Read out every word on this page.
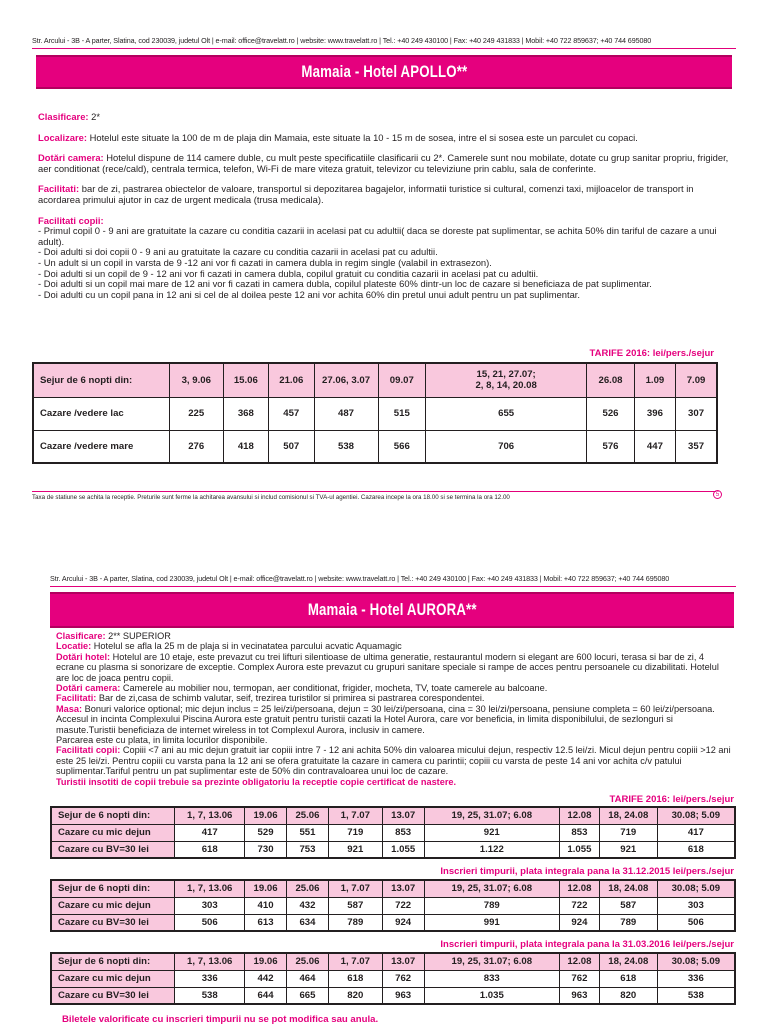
Str. Arcului - 3B - A parter, Slatina, cod 230039, judetul Olt | e-mail: office@travelatt.ro | website: www.travelatt.ro | Tel.: +40 249 430100 | Fax: +40 249 431833 | Mobil: +40 722 859637; +40 744 695080
Mamaia - Hotel APOLLO**

Clasificare: 2*

Localizare: Hotelul este situate la 100 de m de plaja din Mamaia, este situate la 10 - 15 m de sosea, intre el si sosea este un parculet cu copaci.

Dotări camera: Hotelul dispune de 114 camere duble, cu mult peste specificatiile clasificarii cu 2*. Camerele sunt nou mobilate, dotate cu grup sanitar propriu, frigider, aer conditionat (rece/cald), centrala termica, telefon, Wi-Fi de mare viteza gratuit, televizor cu televiziune prin cablu, sala de conferinte.

Facilitati: bar de zi, pastrarea obiectelor de valoare, transportul si depozitarea bagajelor, informatii turistice si cultural, comenzi taxi, mijloacelor de transport in acordarea primului ajutor in caz de urgent medicala (trusa medicala).

Facilitati copii:

- Primul copil 0 - 9 ani are gratuitate la cazare cu conditia cazarii in acelasi pat cu adultii( daca se doreste pat suplimentar, se achita 50% din tariful de cazare a unui adult).

- Doi adulti si doi copii 0 - 9 ani au gratuitate la cazare cu conditia cazarii in acelasi pat cu adultii.

- Un adult si un copil in varsta de 9 -12 ani vor fi cazati in camera dubla in regim single (valabil in extrasezon).

- Doi adulti si un copil de 9 - 12 ani vor fi cazati in camera dubla, copilul gratuit cu conditia cazarii in acelasi pat cu adultii.

- Doi adulti si un copil mai mare de 12 ani vor fi cazati in camera dubla, copilul plateste 60% dintr-un loc de cazare si beneficiaza de pat suplimentar.

- Doi adulti cu un copil pana in 12 ani si cel de al doilea peste 12 ani vor achita 60% din pretul unui adult pentru un pat suplimentar.

TARIFE 2016: lei/pers./sejur
Sejur de 6 nopti din:	3, 9.06	15.06	21.06	27.06, 3.07	09.07	15, 21, 27.07;
2, 8, 14, 20.08	26.08	1.09	7.09
Cazare /vedere lac	225	368	457	487	515	655	526	396	307
Cazare /vedere mare	276	418	507	538	566	706	576	447	357
Taxa de statiune se achita la receptie. Preturile sunt ferme la achitarea avansului si includ comisionul si TVA-ul agentiei. Cazarea incepe la ora 18.00 si se termina la ora 12.00	5
Str. Arcului - 3B - A parter, Slatina, cod 230039, judetul Olt | e-mail: office@travelatt.ro | website: www.travelatt.ro | Tel.: +40 249 430100 | Fax: +40 249 431833 | Mobil: +40 722 859637; +40 744 695080
Mamaia - Hotel AURORA**

Clasificare: 2** SUPERIOR

Locatie: Hotelul se afla la 25 m de plaja si in vecinatatea parcului acvatic Aquamagic

Dotări hotel: Hotelul are 10 etaje, este prevazut cu trei lifturi silentioase de ultima generatie, restaurantul modern si elegant are 600 locuri, terasa si bar de zi, 4 ecrane cu plasma si sonorizare de exceptie. Complex Aurora este prevazut cu grupuri sanitare speciale si rampe de acces pentru persoanele cu dizabilitati. Hotelul are loc de joaca pentru copii.

Dotări camera: Camerele au mobilier nou, termopan, aer conditionat, frigider, mocheta, TV, toate camerele au balcoane.

Facilitati: Bar de zi,casa de schimb valutar, seif, trezirea turistilor si primirea si pastrarea corespondentei.

Masa: Bonuri valorice optional; mic dejun inclus = 25 lei/zi/persoana, dejun = 30 lei/zi/persoana, cina = 30 lei/zi/persoana, pensiune completa = 60 lei/zi/persoana. Accesul in incinta Complexului Piscina Aurora este gratuit pentru turistii cazati la Hotel Aurora, care vor beneficia, in limita disponibilului, de sezlonguri si masute.Turistii beneficiaza de internet wireless in tot Complexul Aurora, inclusiv in camere.

Parcarea este cu plata, in limita locurilor disponibile.

Facilitati copii: Copiii <7 ani au mic dejun gratuit iar copiii intre 7 - 12 ani achita 50% din valoarea micului dejun, respectiv 12.5 lei/zi. Micul dejun pentru copiii >12 ani este 25 lei/zi. Pentru copiii cu varsta pana la 12 ani se ofera gratuitate la cazare in camera cu parintii; copiii cu varsta de peste 14 ani vor achita c/v patului suplimentar.Tariful pentru un pat suplimentar este de 50% din contravaloarea unui loc de cazare.

Turistii insotiti de copii trebuie sa prezinte obligatoriu la receptie copie certificat de nastere.

TARIFE 2016: lei/pers./sejur
Sejur de 6 nopti din:	1, 7, 13.06	19.06	25.06	1, 7.07	13.07	19, 25, 31.07; 6.08	12.08	18, 24.08	30.08; 5.09
Cazare cu mic dejun	417	529	551	719	853	921	853	719	417
Cazare cu BV=30 lei	618	730	753	921	1.055	1.122	1.055	921	618
Inscrieri timpurii, plata integrala pana la 31.12.2015 lei/pers./sejur
Sejur de 6 nopti din:	1, 7, 13.06	19.06	25.06	1, 7.07	13.07	19, 25, 31.07; 6.08	12.08	18, 24.08	30.08; 5.09
Cazare cu mic dejun	303	410	432	587	722	789	722	587	303
Cazare cu BV=30 lei	506	613	634	789	924	991	924	789	506
Inscrieri timpurii, plata integrala pana la 31.03.2016 lei/pers./sejur
Sejur de 6 nopti din:	1, 7, 13.06	19.06	25.06	1, 7.07	13.07	19, 25, 31.07; 6.08	12.08	18, 24.08	30.08; 5.09
Cazare cu mic dejun	336	442	464	618	762	833	762	618	336
Cazare cu BV=30 lei	538	644	665	820	963	1.035	963	820	538
Biletele valorificate cu inscrieri timpurii nu se pot modifica sau anula.
